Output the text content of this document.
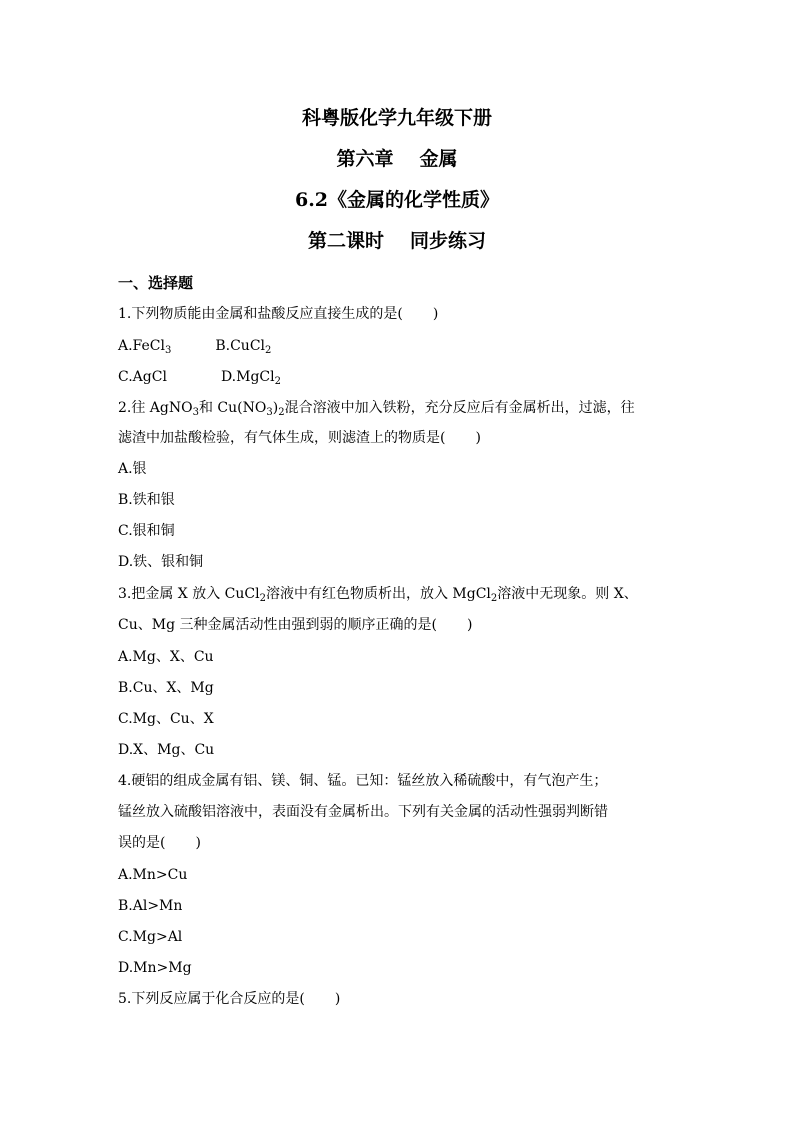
科粤版化学九年级下册
第六章 金属
6.2《金属的化学性质》
第二课时 同步练习
一、选择题
1.下列物质能由金属和盐酸反应直接生成的是( )
A.FeCl$_3$	B.CuCl$_2$
C.AgCl	D.MgCl$_2$
2.往 AgNO$_3$和 $Cu(NO_3)_2$混合溶液中加入铁粉，充分反应后有金属析出，过滤，往
滤渣中加盐酸检验，有气体生成，则滤渣上的物质是( )
A.银
B.铁和银
C.银和铜
D.铁、银和铜
3.把金属 X 放入 CuCl$_2$溶液中有红色物质析出，放入 MgCl$_2$溶液中无现象。则 X、
Cu、Mg 三种金属活动性由强到弱的顺序正确的是( )
A.Mg、X、Cu
B.Cu、X、Mg
C.Mg、Cu、X
D.X、Mg、Cu
4.硬铝的组成金属有铝、镁、铜、锰。已知：锰丝放入稀硫酸中，有气泡产生；
锰丝放入硫酸铝溶液中，表面没有金属析出。下列有关金属的活动性强弱判断错
误的是( )
A.Mn>Cu
B.Al>Mn
C.Mg>Al
D.Mn>Mg
5.下列反应属于化合反应的是( )
